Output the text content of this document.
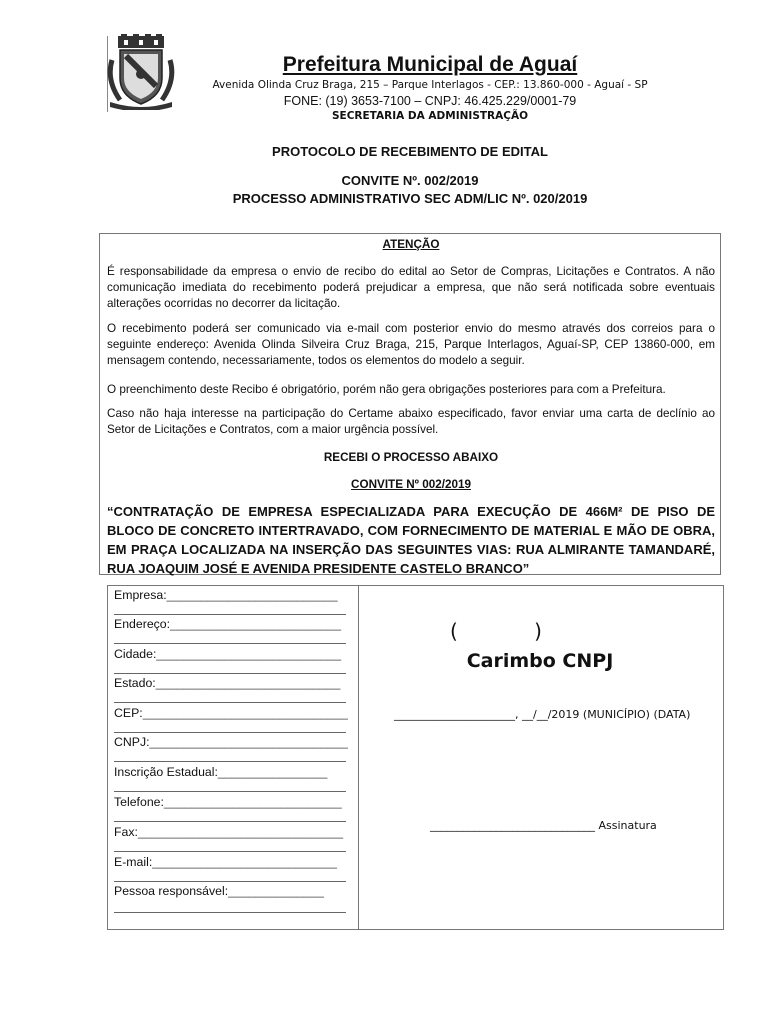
Prefeitura Municipal de Aguaí
Avenida Olinda Cruz Braga, 215 – Parque Interlagos - CEP.: 13.860-000 - Aguaí - SP
FONE: (19) 3653-7100 – CNPJ: 46.425.229/0001-79
SECRETARIA DA ADMINISTRAÇÃO
PROTOCOLO DE RECEBIMENTO DE EDITAL
CONVITE Nº. 002/2019
PROCESSO ADMINISTRATIVO SEC ADM/LIC Nº. 020/2019

ATENÇÃO

É responsabilidade da empresa o envio de recibo do edital ao Setor de Compras, Licitações e Contratos. A não comunicação imediata do recebimento poderá prejudicar a empresa, que não será notificada sobre eventuais alterações ocorridas no decorrer da licitação.

O recebimento poderá ser comunicado via e-mail com posterior envio do mesmo através dos correios para o seguinte endereço: Avenida Olinda Silveira Cruz Braga, 215, Parque Interlagos, Aguaí-SP, CEP 13860-000, em mensagem contendo, necessariamente, todos os elementos do modelo a seguir.

O preenchimento deste Recibo é obrigatório, porém não gera obrigações posteriores para com a Prefeitura.

Caso não haja interesse na participação do Certame abaixo especificado, favor enviar uma carta de declínio ao Setor de Licitações e Contratos, com a maior urgência possível.

RECEBI O PROCESSO ABAIXO

CONVITE Nº 002/2019

“CONTRATAÇÃO DE EMPRESA ESPECIALIZADA PARA EXECUÇÃO DE 466M² DE PISO DE BLOCO DE CONCRETO INTERTRAVADO, COM FORNECIMENTO DE MATERIAL E MÃO DE OBRA, EM PRAÇA LOCALIZADA NA INSERÇÃO DAS SEGUINTES VIAS: RUA ALMIRANTE TAMANDARÉ, RUA JOAQUIM JOSÉ E AVENIDA PRESIDENTE CASTELO BRANCO”

Empresa:_________________________
Endereço:_________________________
Cidade:___________________________
Estado:___________________________
CEP:______________________________
CNPJ:_____________________________
Inscrição Estadual:________________
Telefone:__________________________
Fax:______________________________
E-mail:___________________________
Pessoa responsável:______________
(            )
Carimbo CNPJ
______________________, __/__/2019 (MUNICÍPIO) (DATA)
______________________________ Assinatura
